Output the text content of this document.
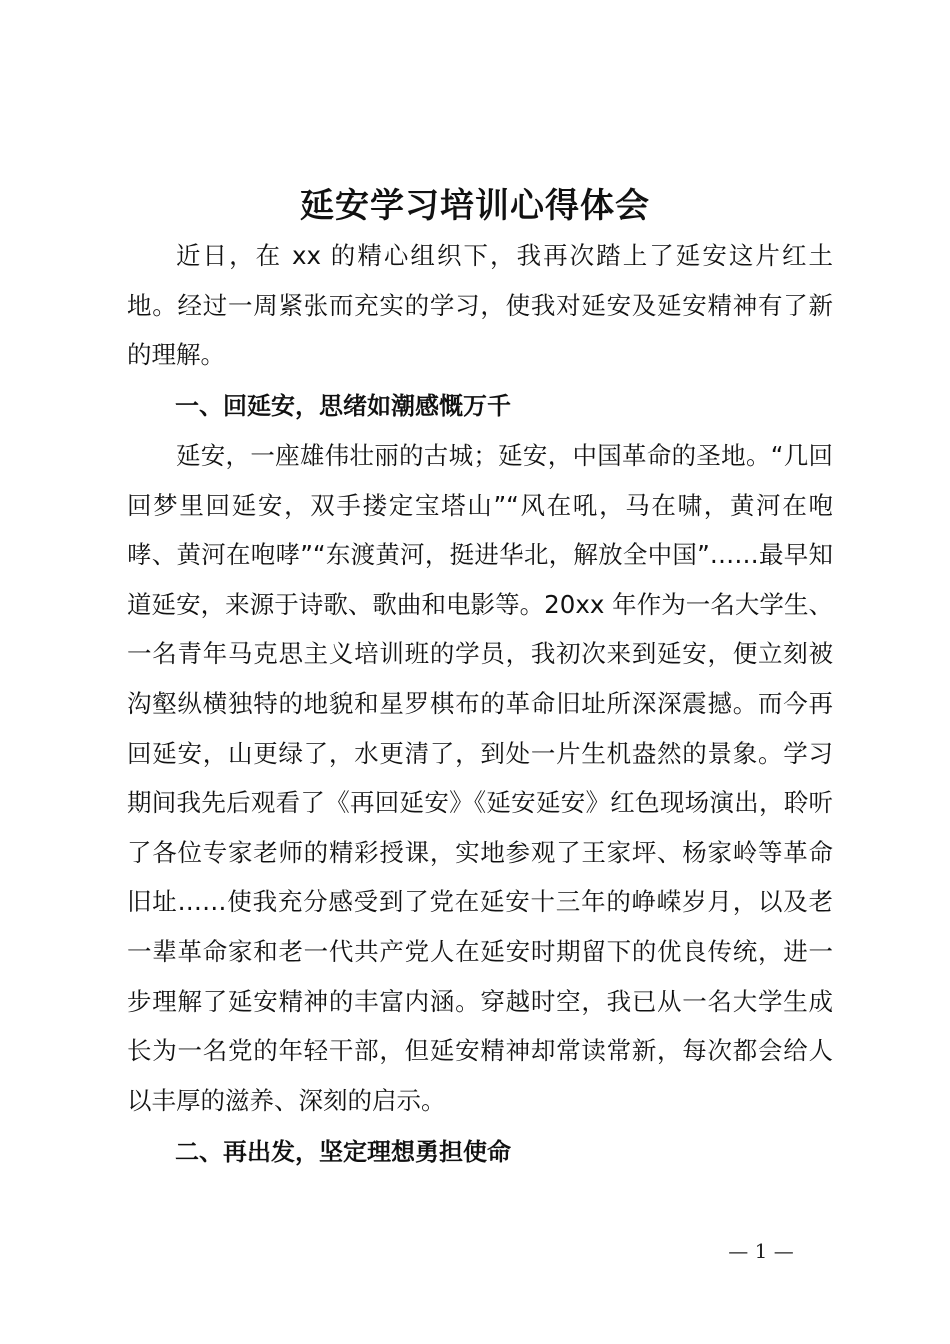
延安学习培训心得体会

近日，在 xx 的精心组织下，我再次踏上了延安这片红土地。经过一周紧张而充实的学习，使我对延安及延安精神有了新的理解。

一、回延安，思绪如潮感慨万千

延安，一座雄伟壮丽的古城；延安，中国革命的圣地。“几回回梦里回延安，双手搂定宝塔山”“风在吼，马在啸，黄河在咆哮、黄河在咆哮”“东渡黄河，挺进华北，解放全中国”……最早知道延安，来源于诗歌、歌曲和电影等。20xx 年作为一名大学生、一名青年马克思主义培训班的学员，我初次来到延安，便立刻被沟壑纵横独特的地貌和星罗棋布的革命旧址所深深震撼。而今再回延安，山更绿了，水更清了，到处一片生机盎然的景象。学习期间我先后观看了《再回延安》《延安延安》红色现场演出，聆听了各位专家老师的精彩授课，实地参观了王家坪、杨家岭等革命旧址……使我充分感受到了党在延安十三年的峥嵘岁月，以及老一辈革命家和老一代共产党人在延安时期留下的优良传统，进一步理解了延安精神的丰富内涵。穿越时空，我已从一名大学生成长为一名党的年轻干部，但延安精神却常读常新，每次都会给人以丰厚的滋养、深刻的启示。

二、再出发，坚定理想勇担使命
— 1 —
